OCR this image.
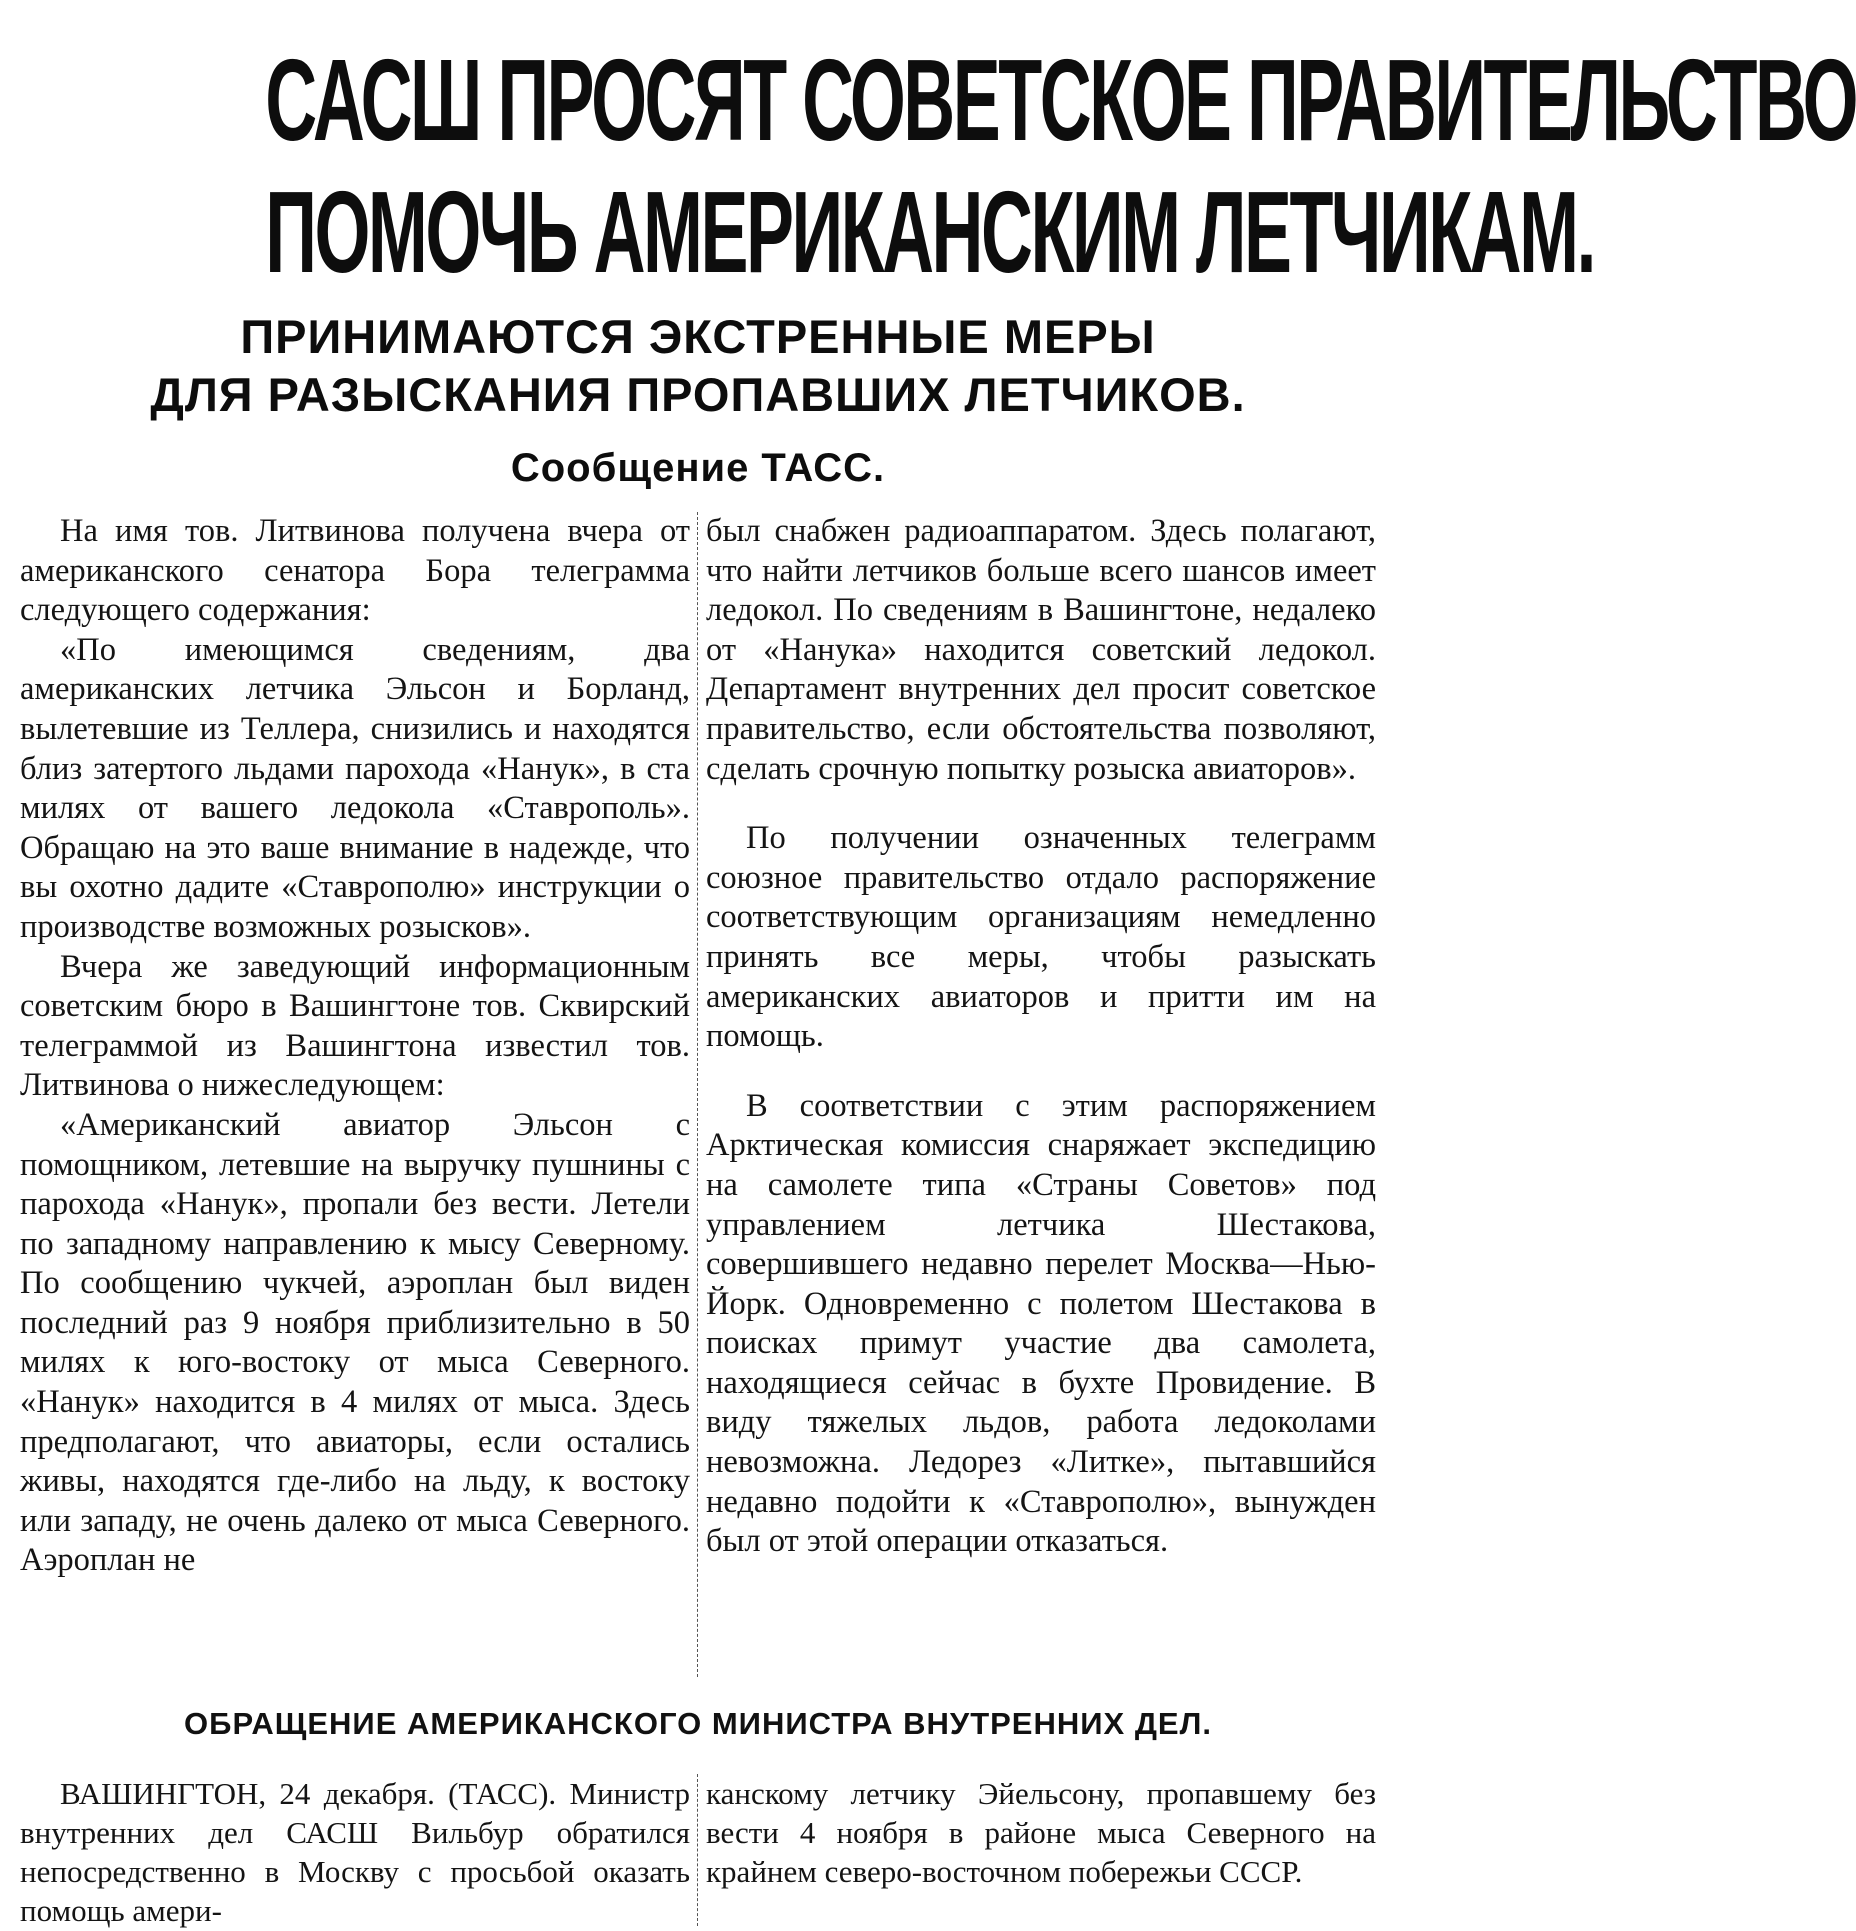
САСШ ПРОСЯТ СОВЕТСКОЕ ПРАВИТЕЛЬСТВО
ПОМОЧЬ АМЕРИКАНСКИМ ЛЕТЧИКАМ.
ПРИНИМАЮТСЯ ЭКСТРЕННЫЕ МЕРЫ
ДЛЯ РАЗЫСКАНИЯ ПРОПАВШИХ ЛЕТЧИКОВ.
Сообщение ТАСС.

На имя тов. Литвинова получена вчера от американского сенатора Бора телеграмма следующего содержания:

«По имеющимся сведениям, два американских летчика Эльсон и Борланд, вылетевшие из Теллера, снизились и находятся близ затертого льдами парохода «Нанук», в ста милях от вашего ледокола «Ставрополь». Обращаю на это ваше внимание в надежде, что вы охотно дадите «Ставрополю» инструкции о производстве возможных розысков».

Вчера же заведующий информационным советским бюро в Вашингтоне тов. Сквирский телеграммой из Вашингтона известил тов. Литвинова о нижеследующем:

«Американский авиатор Эльсон с помощником, летевшие на выручку пушнины с парохода «Нанук», пропали без вести. Летели по западному направлению к мысу Северному. По сообщению чукчей, аэроплан был виден последний раз 9 ноября приблизительно в 50 милях к юго-востоку от мыса Северного. «Нанук» находится в 4 милях от мыса. Здесь предполагают, что авиаторы, если остались живы, находятся где-либо на льду, к востоку или западу, не очень далеко от мыса Северного. Аэроплан не

был снабжен радиоаппаратом. Здесь полагают, что найти летчиков больше всего шансов имеет ледокол. По сведениям в Вашингтоне, недалеко от «Нанука» находится советский ледокол. Департамент внутренних дел просит советское правительство, если обстоятельства позволяют, сделать срочную попытку розыска авиаторов».

По получении означенных телеграмм союзное правительство отдало распоряжение соответствующим организациям немедленно принять все меры, чтобы разыскать американских авиаторов и притти им на помощь.

В соответствии с этим распоряжением Арктическая комиссия снаряжает экспедицию на самолете типа «Страны Советов» под управлением летчика Шестакова, совершившего недавно перелет Москва—Нью-Йорк. Одновременно с полетом Шестакова в поисках примут участие два самолета, находящиеся сейчас в бухте Провидение. В виду тяжелых льдов, работа ледоколами невозможна. Ледорез «Литке», пытавшийся недавно подойти к «Ставрополю», вынужден был от этой операции отказаться.

ОБРАЩЕНИЕ АМЕРИКАНСКОГО МИНИСТРА ВНУТРЕННИХ ДЕЛ.

ВАШИНГТОН, 24 декабря. (ТАСС). Министр внутренних дел САСШ Вильбур обратился непосредственно в Москву с просьбой оказать помощь амери-

канскому летчику Эйельсону, пропавшему без вести 4 ноября в районе мыса Северного на крайнем северо-восточном побережьи СССР.
